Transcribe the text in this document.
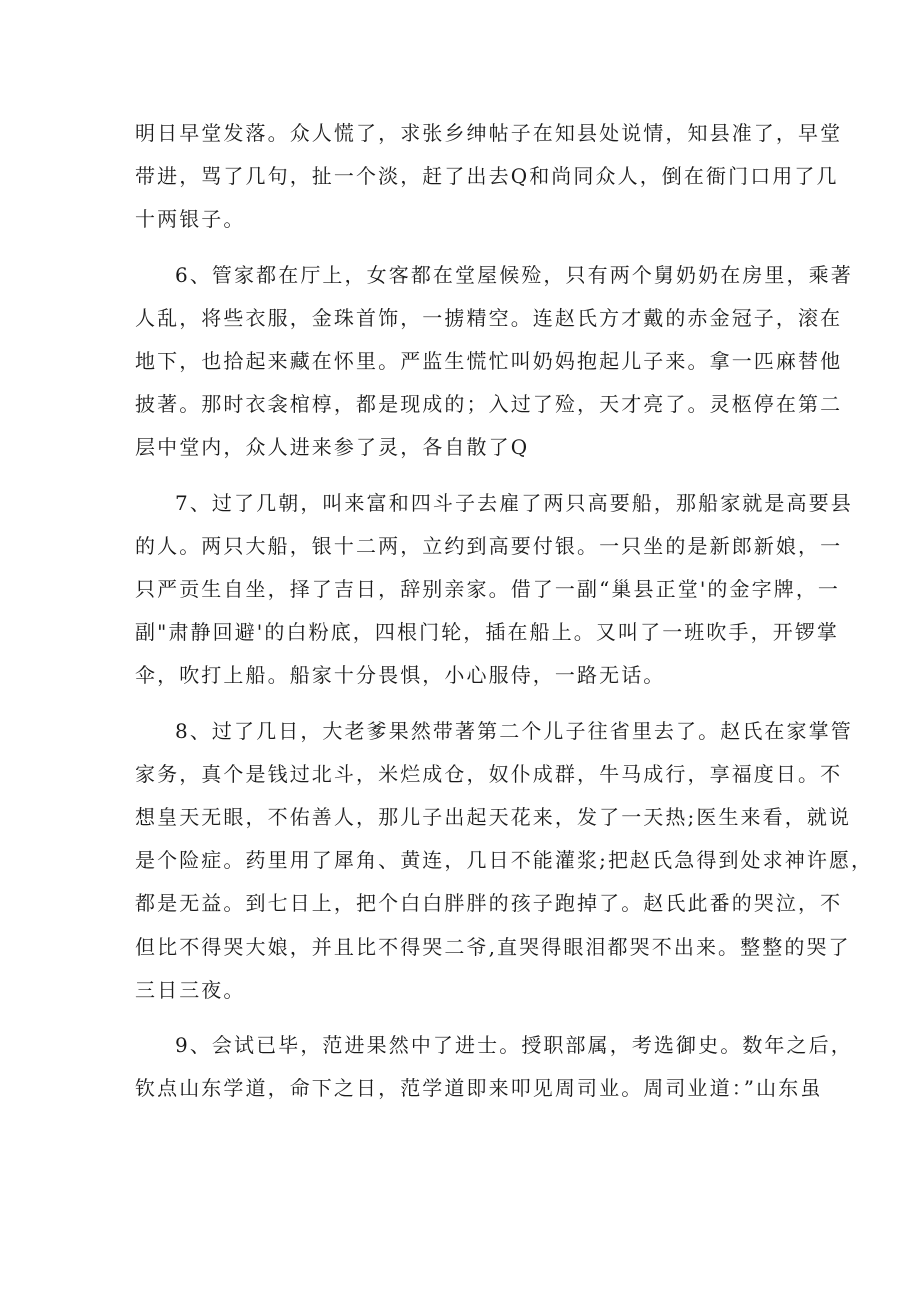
明日早堂发落。众人慌了，求张乡绅帖子在知县处说情，知县准了，早堂
带进，骂了几句，扯一个淡，赶了出去Q和尚同众人，倒在衙门口用了几
十两银子。

6、管家都在厅上，女客都在堂屋候殓，只有两个舅奶奶在房里，乘著
人乱，将些衣服，金珠首饰，一掳精空。连赵氏方才戴的赤金冠子，滚在
地下，也拾起来藏在怀里。严监生慌忙叫奶妈抱起儿子来。拿一匹麻替他
披著。那时衣衾棺椁，都是现成的；入过了殓，天才亮了。灵柩停在第二
层中堂内，众人进来参了灵，各自散了Q

7、过了几朝，叫来富和四斗子去雇了两只高要船，那船家就是高要县
的人。两只大船，银十二两，立约到高要付银。一只坐的是新郎新娘，一
只严贡生自坐，择了吉日，辞别亲家。借了一副“巢县正堂'的金字牌，一
副"肃静回避'的白粉底，四根门轮，插在船上。又叫了一班吹手，开锣掌
伞，吹打上船。船家十分畏惧，小心服侍，一路无话。

8、过了几日，大老爹果然带著第二个儿子往省里去了。赵氏在家掌管
家务，真个是钱过北斗，米烂成仓，奴仆成群，牛马成行，享福度日。不
想皇天无眼，不佑善人，那儿子出起天花来，发了一天热;医生来看，就说
是个险症。药里用了犀角、黄连，几日不能灌浆;把赵氏急得到处求神许愿，
都是无益。到七日上，把个白白胖胖的孩子跑掉了。赵氏此番的哭泣，不
但比不得哭大娘，并且比不得哭二爷,直哭得眼泪都哭不出来。整整的哭了
三日三夜。

9、会试已毕，范进果然中了进士。授职部属，考选御史。数年之后，
钦点山东学道，命下之日，范学道即来叩见周司业。周司业道：”山东虽
